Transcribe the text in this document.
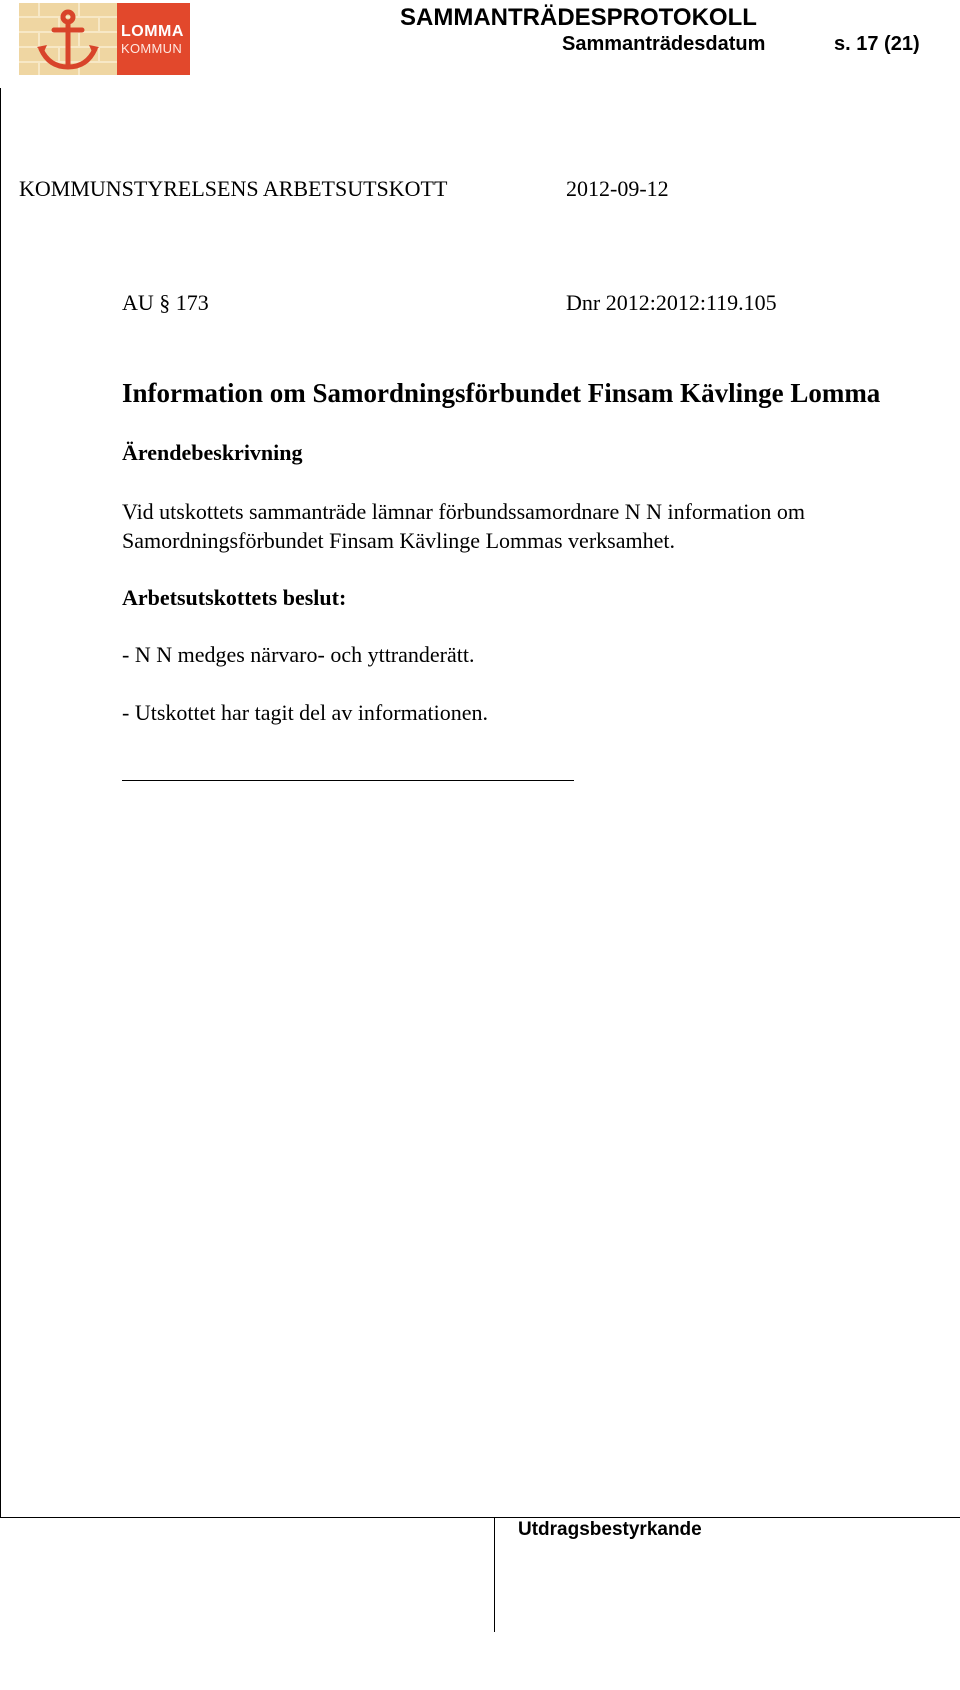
LOMMA
KOMMUN
SAMMANTRÄDESPROTOKOLL
Sammanträdesdatum	s. 17 (21)
KOMMUNSTYRELSENS ARBETSUTSKOTT	2012-09-12
AU § 173	Dnr 2012:2012:119.105
Information om Samordningsförbundet Finsam Kävlinge Lomma
Ärendebeskrivning
Vid utskottets sammanträde lämnar förbundssamordnare N N information om
Samordningsförbundet Finsam Kävlinge Lommas verksamhet.
Arbetsutskottets beslut:
- N N medges närvaro- och yttranderätt.
- Utskottet har tagit del av informationen.
Utdragsbestyrkande
